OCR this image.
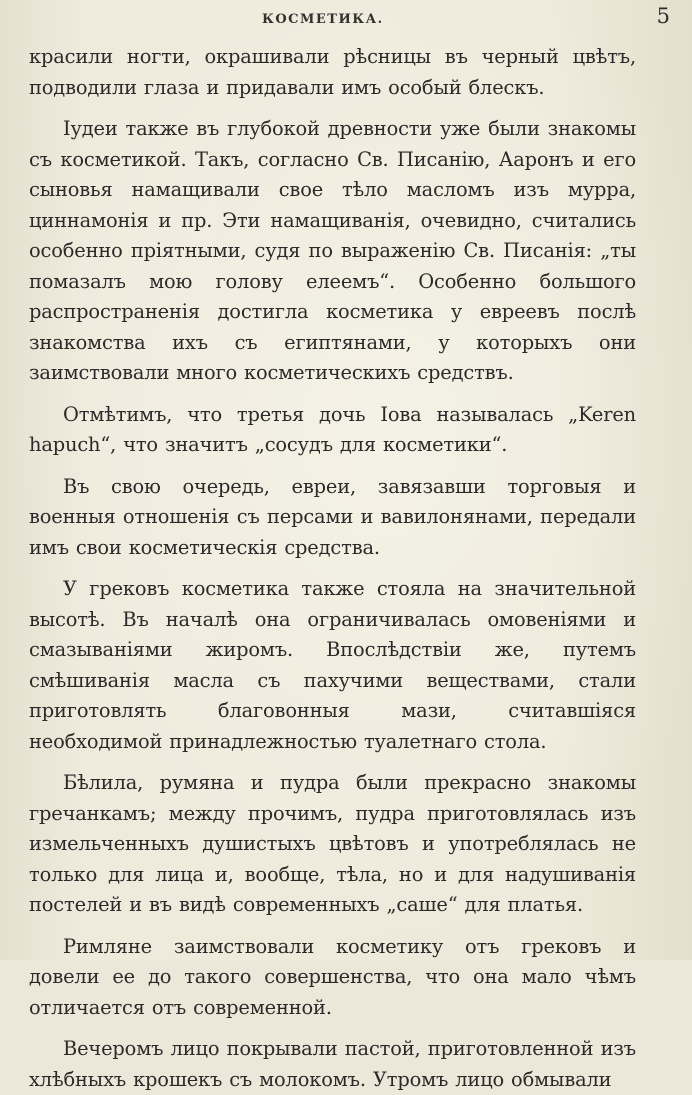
КОСМЕТИКА.	5

красили ногти, окрашивали рѣсницы въ черный цвѣтъ, подводили глаза и придавали имъ особый блескъ.

Іудеи также въ глубокой древности уже были знакомы съ косметикой. Такъ, согласно Св. Писанію, Ааронъ и его сыновья намащивали свое тѣло масломъ изъ мурра, циннамонія и пр. Эти намащиванія, очевидно, считались особенно пріятными, судя по выраженію Св. Писанія: „ты помазалъ мою голову елеемъ“. Особенно большого распространенія достигла косметика у евреевъ послѣ знакомства ихъ съ египтянами, у которыхъ они заимствовали много косметическихъ средствъ.

Отмѣтимъ, что третья дочь Іова называлась „Keren hapuch“, что значитъ „сосудъ для косметики“.

Въ свою очередь, евреи, завязавши торговыя и военныя отношенія съ персами и вавилонянами, передали имъ свои косметическія средства.

У грековъ косметика также стояла на значительной высотѣ. Въ началѣ она ограничивалась омовеніями и смазываніями жиромъ. Впослѣдствіи же, путемъ смѣшиванія масла съ пахучими веществами, стали приготовлять благовонныя мази, считавшіяся необходимой принадлежностью туалетнаго стола.

Бѣлила, румяна и пудра были прекрасно знакомы гречанкамъ; между прочимъ, пудра приготовлялась изъ измельченныхъ душистыхъ цвѣтовъ и употреблялась не только для лица и, вообще, тѣла, но и для надушиванія постелей и въ видѣ современныхъ „саше“ для платья.

Римляне заимствовали косметику отъ грековъ и довели ее до такого совершенства, что она мало чѣмъ отличается отъ современной.

Вечеромъ лицо покрывали пастой, приготовленной изъ хлѣбныхъ крошекъ съ молокомъ. Утромъ лицо обмывали
